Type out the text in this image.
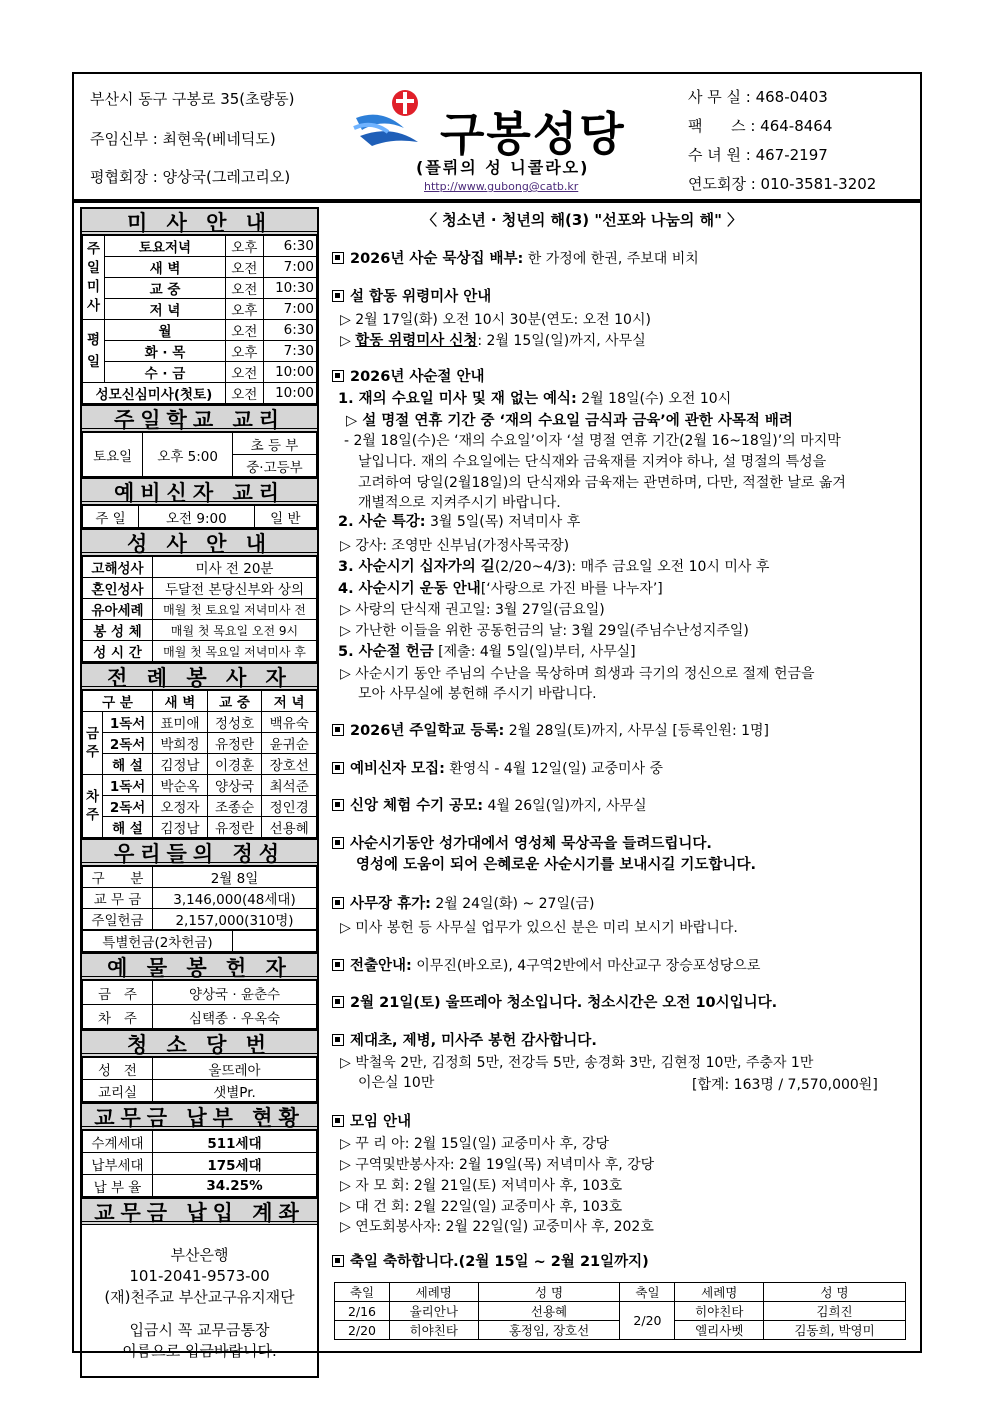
부산시 동구 구봉로 35(초량동)
주임신부 : 최현욱(베네딕도)
평협회장 : 양상국(그레고리오)
구봉성당
(플뤼의 성 니콜라오)
http://www.gubong@catb.kr
사 무 실 : 468-0403
팩      스 : 464-8464
수 녀 원 : 467-2197
연도회장 : 010-3581-3202
미 사 안 내
주일미사	토요저녁	오후	6:30
	새 벽	오전	7:00
	교 중	오전	10:30
	저 녁	오후	7:00
평일	월	오전	6:30
	화 · 목	오후	7:30
	수 · 금	오전	10:00
성모신심미사(첫토)		오전	10:00
주일학교 교리
토요일	오후 5:00	초 등 부
중·고등부
예비신자 교리
주 일	오전 9:00	일 반
성 사 안 내
고해성사	미사 전 20분
혼인성사	두달전 본당신부와 상의
유아세례	매월 첫 토요일 저녁미사 전
봉 성 체	매월 첫 목요일 오전 9시
성 시 간	매월 첫 목요일 저녁미사 후
전 례 봉 사 자
구 분		새 벽	교 중	저 녁
금주	1독서	표미애	정성호	백유숙
	2독서	박희정	유정란	윤귀순
	해 설	김정남	이경훈	장호선
차주	1독서	박순옥	양상국	최석준
	2독서	오정자	조종순	정인경
	해 설	김정남	유정란	선용혜
우리들의 정성
구      분	2월 8일
교 무 금	3,146,000(48세대)
주일헌금	2,157,000(310명)
특별헌금(2차헌금)	
예 물 봉 헌 자
금   주	양상국 · 윤춘수
차   주	심택종 · 우옥숙
청 소 당 번
성   전	울뜨레아
교리실	샛별Pr.
교무금 납부 현황
수계세대	511세대
납부세대	175세대
납 부 율	34.25%
교무금 납입 계좌
부산은행
101-2041-9573-00
(재)천주교 부산교구유지재단
입금시 꼭 교무금통장
이름으로 입금바랍니다.
〈 청소년 · 청년의 해(3) "선포와 나눔의 해" 〉
2026년 사순 묵상집 배부: 한 가정에 한권, 주보대 비치
설 합동 위령미사 안내
▷ 2월 17일(화) 오전 10시 30분(연도: 오전 10시)
▷ 합동 위령미사 신청: 2월 15일(일)까지, 사무실
2026년 사순절 안내
1. 재의 수요일 미사 및 재 없는 예식: 2월 18일(수) 오전 10시
▷ 설 명절 연휴 기간 중 ‘재의 수요일 금식과 금육’에 관한 사목적 배려
- 2월 18일(수)은 ‘재의 수요일’이자 ‘설 명절 연휴 기간(2월 16~18일)’의 마지막
날입니다. 재의 수요일에는 단식재와 금육재를 지켜야 하나, 설 명절의 특성을
고려하여 당일(2월18일)의 단식재와 금육재는 관면하며, 다만, 적절한 날로 옮겨
개별적으로 지켜주시기 바랍니다.
2. 사순 특강: 3월 5일(목) 저녁미사 후
▷ 강사: 조영만 신부님(가정사목국장)
3. 사순시기 십자가의 길(2/20~4/3): 매주 금요일 오전 10시 미사 후
4. 사순시기 운동 안내[‘사랑으로 가진 바를 나누자’]
▷ 사랑의 단식재 권고일: 3월 27일(금요일)
▷ 가난한 이들을 위한 공동헌금의 날: 3월 29일(주님수난성지주일)
5. 사순절 헌금 [제출: 4월 5일(일)부터, 사무실]
▷ 사순시기 동안 주님의 수난을 묵상하며 희생과 극기의 정신으로 절제 헌금을
모아 사무실에 봉헌해 주시기 바랍니다.
2026년 주일학교 등록: 2월 28일(토)까지, 사무실 [등록인원: 1명]
예비신자 모집: 환영식 - 4월 12일(일) 교중미사 중
신앙 체험 수기 공모: 4월 26일(일)까지, 사무실
사순시기동안 성가대에서 영성체 묵상곡을 들려드립니다.
영성에 도움이 되어 은혜로운 사순시기를 보내시길 기도합니다.
사무장 휴가: 2월 24일(화) ~ 27일(금)
▷ 미사 봉헌 등 사무실 업무가 있으신 분은 미리 보시기 바랍니다.
전출안내: 이무진(바오로), 4구역2반에서 마산교구 장승포성당으로
2월 21일(토) 울뜨레아 청소입니다. 청소시간은 오전 10시입니다.
제대초, 제병, 미사주 봉헌 감사합니다.
▷ 박철욱 2만, 김정희 5만, 전강득 5만, 송경화 3만, 김현정 10만, 주충자 1만
이은실 10만
모임 안내
▷ 꾸 리 아: 2월 15일(일) 교중미사 후, 강당
▷ 구역및반봉사자: 2월 19일(목) 저녁미사 후, 강당
▷ 자 모 회: 2월 21일(토) 저녁미사 후, 103호
▷ 대 건 회: 2월 22일(일) 교중미사 후, 103호
▷ 연도회봉사자: 2월 22일(일) 교중미사 후, 202호
축일 축하합니다.(2월 15일 ~ 2월 21일까지)
[합계: 163명 / 7,570,000원]
축일	세례명	성 명	축일	세례명	성 명
2/16	율리안나	선용혜	2/20	히야친타	김희진
2/20	히야친타	홍정임, 장호선		엘리사벳	김동희, 박영미
